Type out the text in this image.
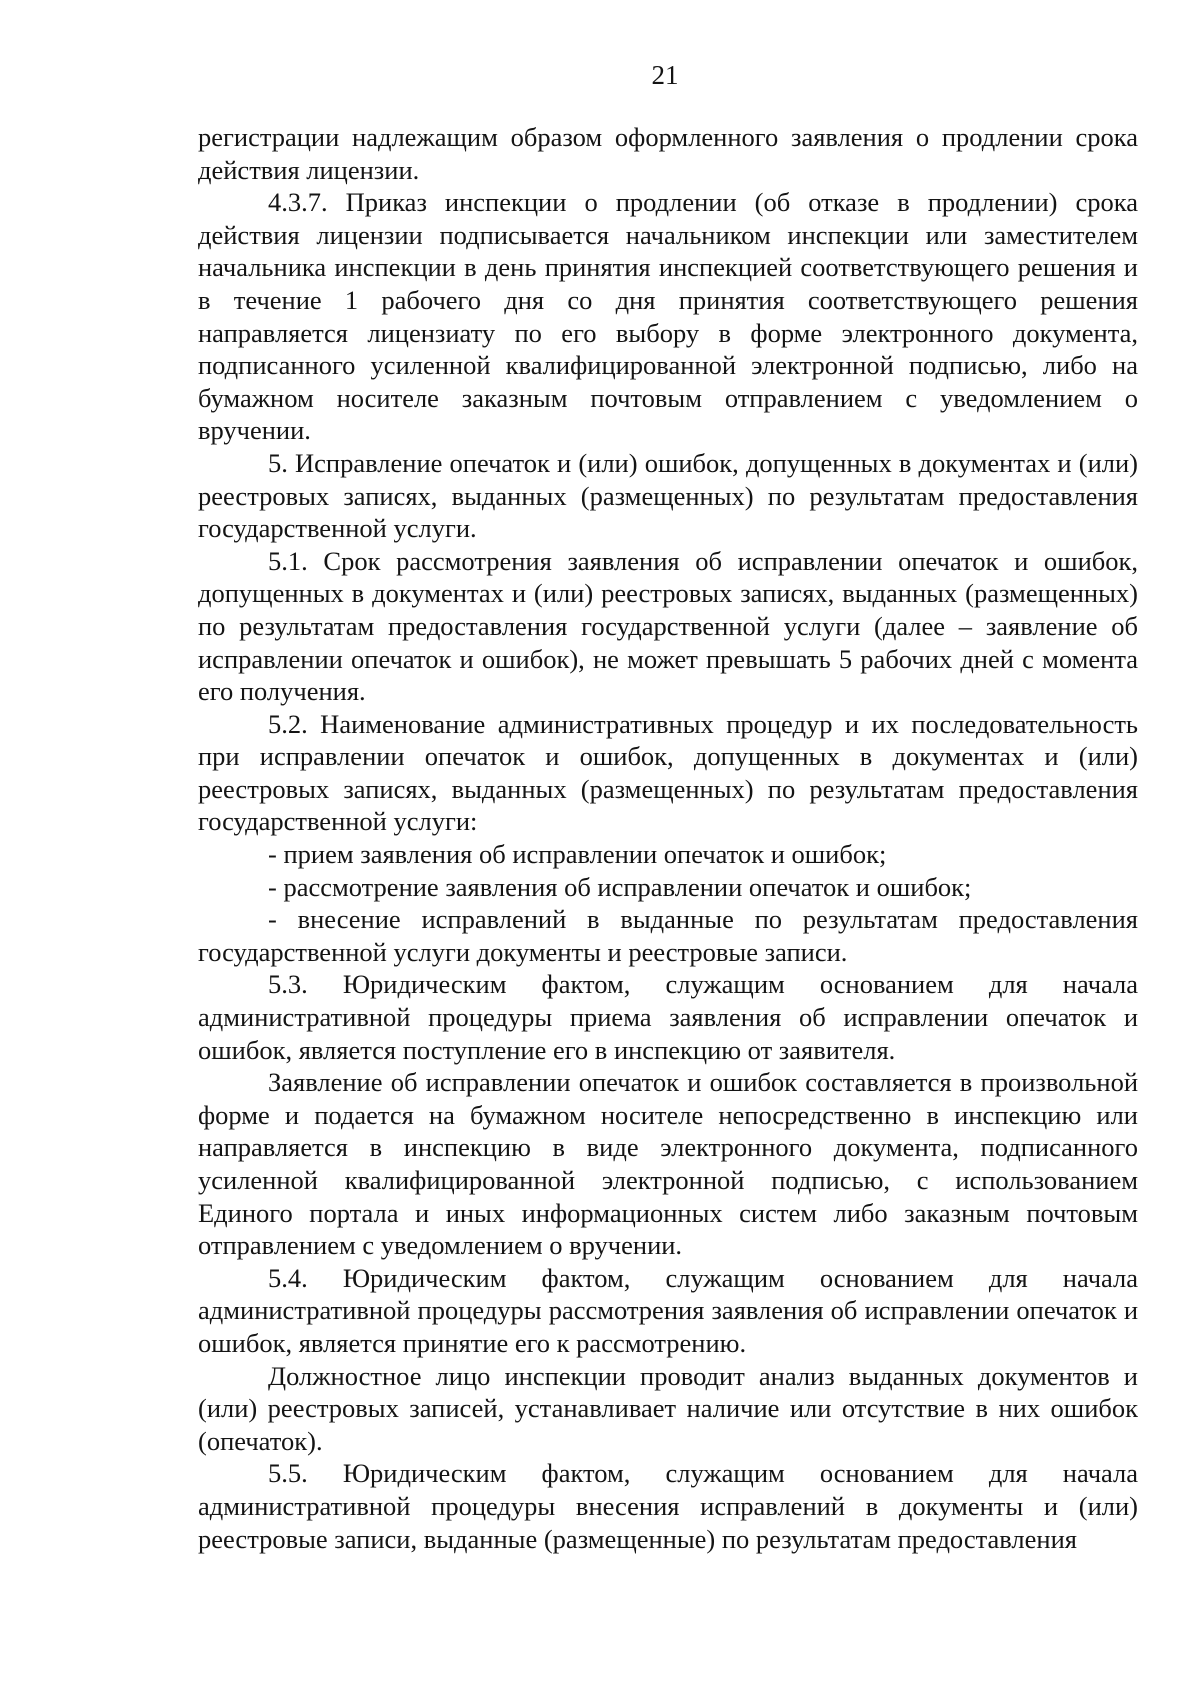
21

регистрации надлежащим образом оформленного заявления о продлении срока действия лицензии.

4.3.7. Приказ инспекции о продлении (об отказе в продлении) срока действия лицензии подписывается начальником инспекции или заместителем начальника инспекции в день принятия инспекцией соответствующего решения и в течение 1 рабочего дня со дня принятия соответствующего решения направляется лицензиату по его выбору в форме электронного документа, подписанного усиленной квалифицированной электронной подписью, либо на бумажном носителе заказным почтовым отправлением с уведомлением о вручении.

5. Исправление опечаток и (или) ошибок, допущенных в документах и (или) реестровых записях, выданных (размещенных) по результатам предоставления государственной услуги.

5.1. Срок рассмотрения заявления об исправлении опечаток и ошибок, допущенных в документах и (или) реестровых записях, выданных (размещенных) по результатам предоставления государственной услуги (далее – заявление об исправлении опечаток и ошибок), не может превышать 5 рабочих дней с момента его получения.

5.2. Наименование административных процедур и их последовательность при исправлении опечаток и ошибок, допущенных в документах и (или) реестровых записях, выданных (размещенных) по результатам предоставления государственной услуги:

- прием заявления об исправлении опечаток и ошибок;

- рассмотрение заявления об исправлении опечаток и ошибок;

- внесение исправлений в выданные по результатам предоставления государственной услуги документы и реестровые записи.

5.3. Юридическим фактом, служащим основанием для начала административной процедуры приема заявления об исправлении опечаток и ошибок, является поступление его в инспекцию от заявителя.

Заявление об исправлении опечаток и ошибок составляется в произвольной форме и подается на бумажном носителе непосредственно в инспекцию или направляется в инспекцию в виде электронного документа, подписанного усиленной квалифицированной электронной подписью, с использованием Единого портала и иных информационных систем либо заказным почтовым отправлением с уведомлением о вручении.

5.4. Юридическим фактом, служащим основанием для начала административной процедуры рассмотрения заявления об исправлении опечаток и ошибок, является принятие его к рассмотрению.

Должностное лицо инспекции проводит анализ выданных документов и (или) реестровых записей, устанавливает наличие или отсутствие в них ошибок (опечаток).

5.5. Юридическим фактом, служащим основанием для начала административной процедуры внесения исправлений в документы и (или) реестровые записи, выданные (размещенные) по результатам предоставления
